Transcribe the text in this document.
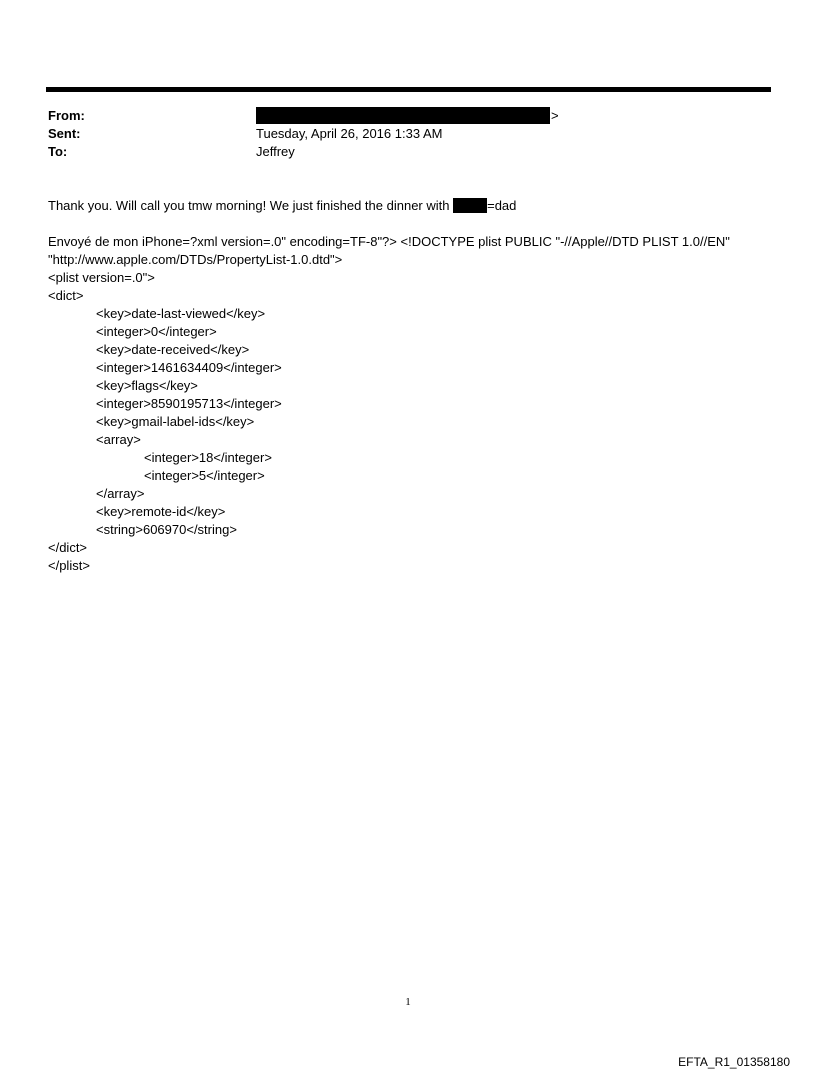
From:	>
Sent:	Tuesday, April 26, 2016 1:33 AM
To:	Jeffrey
Thank you. Will call you tmw morning! We just finished the dinner with	=dad
Envoyé de mon iPhone=?xml version=.0" encoding=TF-8"?> <!DOCTYPE plist PUBLIC "-//Apple//DTD PLIST 1.0//EN"
"http://www.apple.com/DTDs/PropertyList-1.0.dtd">
<plist version=.0">
<dict>
<key>date-last-viewed</key>
<integer>0</integer>
<key>date-received</key>
<integer>1461634409</integer>
<key>flags</key>
<integer>8590195713</integer>
<key>gmail-label-ids</key>
<array>
<integer>18</integer>
<integer>5</integer>
</array>
<key>remote-id</key>
<string>606970</string>
</dict>
</plist>
1
EFTA_R1_01358180
